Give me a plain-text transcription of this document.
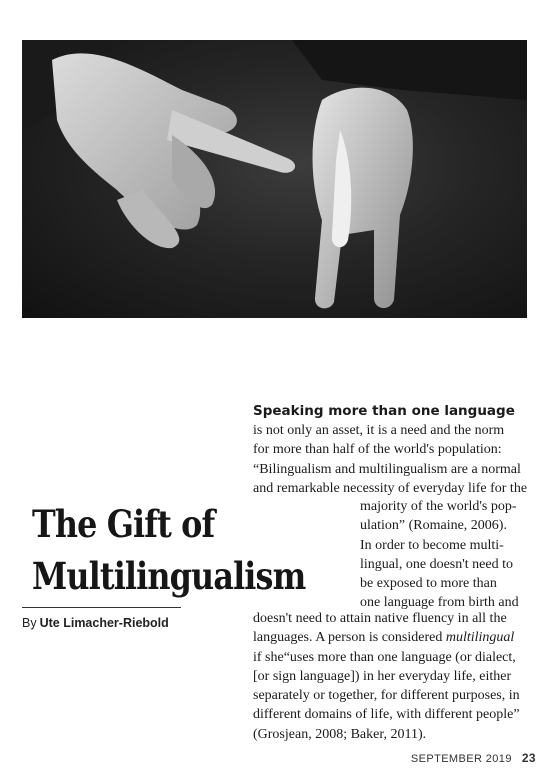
The Gift of
Multilingualism
By Ute Limacher-Riebold
Speaking more than one language
is not only an asset, it is a need and the norm
for more than half of the world's population:
“Bilingualism and multilingualism are a normal
and remarkable necessity of everyday life for the
majority of the world's pop-
ulation” (Romaine, 2006).
In order to become multi-
lingual, one doesn't need to
be exposed to more than
one language from birth and
doesn't need to attain native fluency in all the
languages. A person is considered multilingual
if she“uses more than one language (or dialect,
[or sign language]) in her everyday life, either
separately or together, for different purposes, in
different domains of life, with different people”
(Grosjean, 2008; Baker, 2011).
SEPTEMBER 2019 23
